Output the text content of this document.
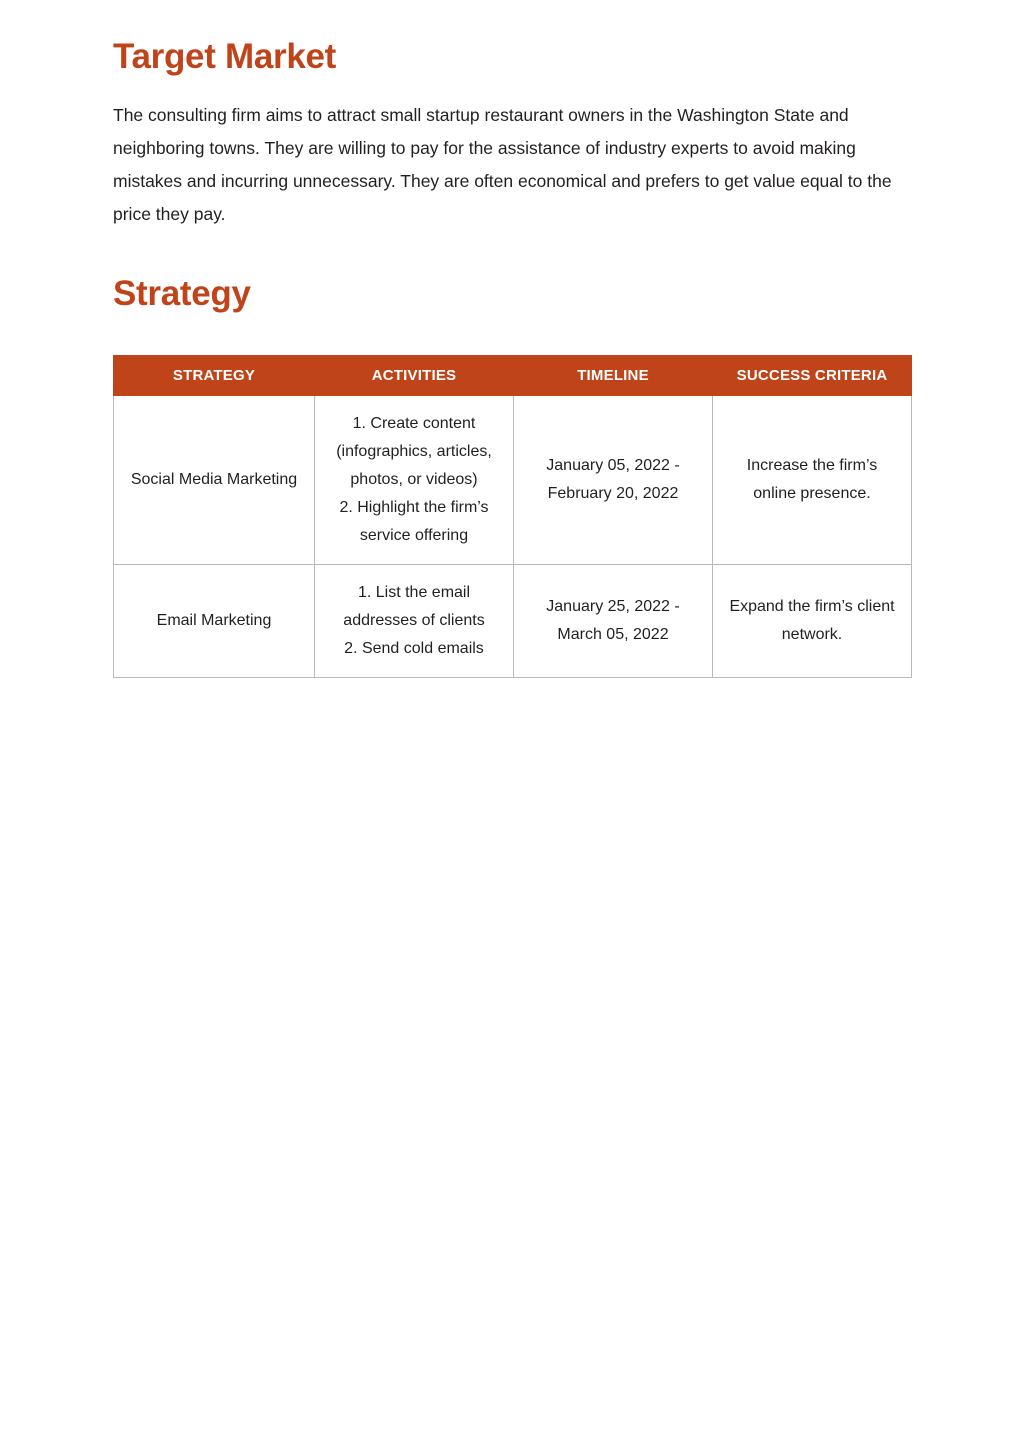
Target Market

The consulting firm aims to attract small startup restaurant owners in the Washington State and neighboring towns. They are willing to pay for the assistance of industry experts to avoid making mistakes and incurring unnecessary. They are often economical and prefers to get value equal to the price they pay.

Strategy
STRATEGY	ACTIVITIES	TIMELINE	SUCCESS CRITERIA
Social Media Marketing	1. Create content
(infographics, articles,
photos, or videos)
2. Highlight the firm’s
service offering	January 05, 2022 -
February 20, 2022	Increase the firm’s
online presence.

Email Marketing	1. List the email
addresses of clients
2. Send cold emails	January 25, 2022 -
March 05, 2022	Expand the firm’s client
network.
